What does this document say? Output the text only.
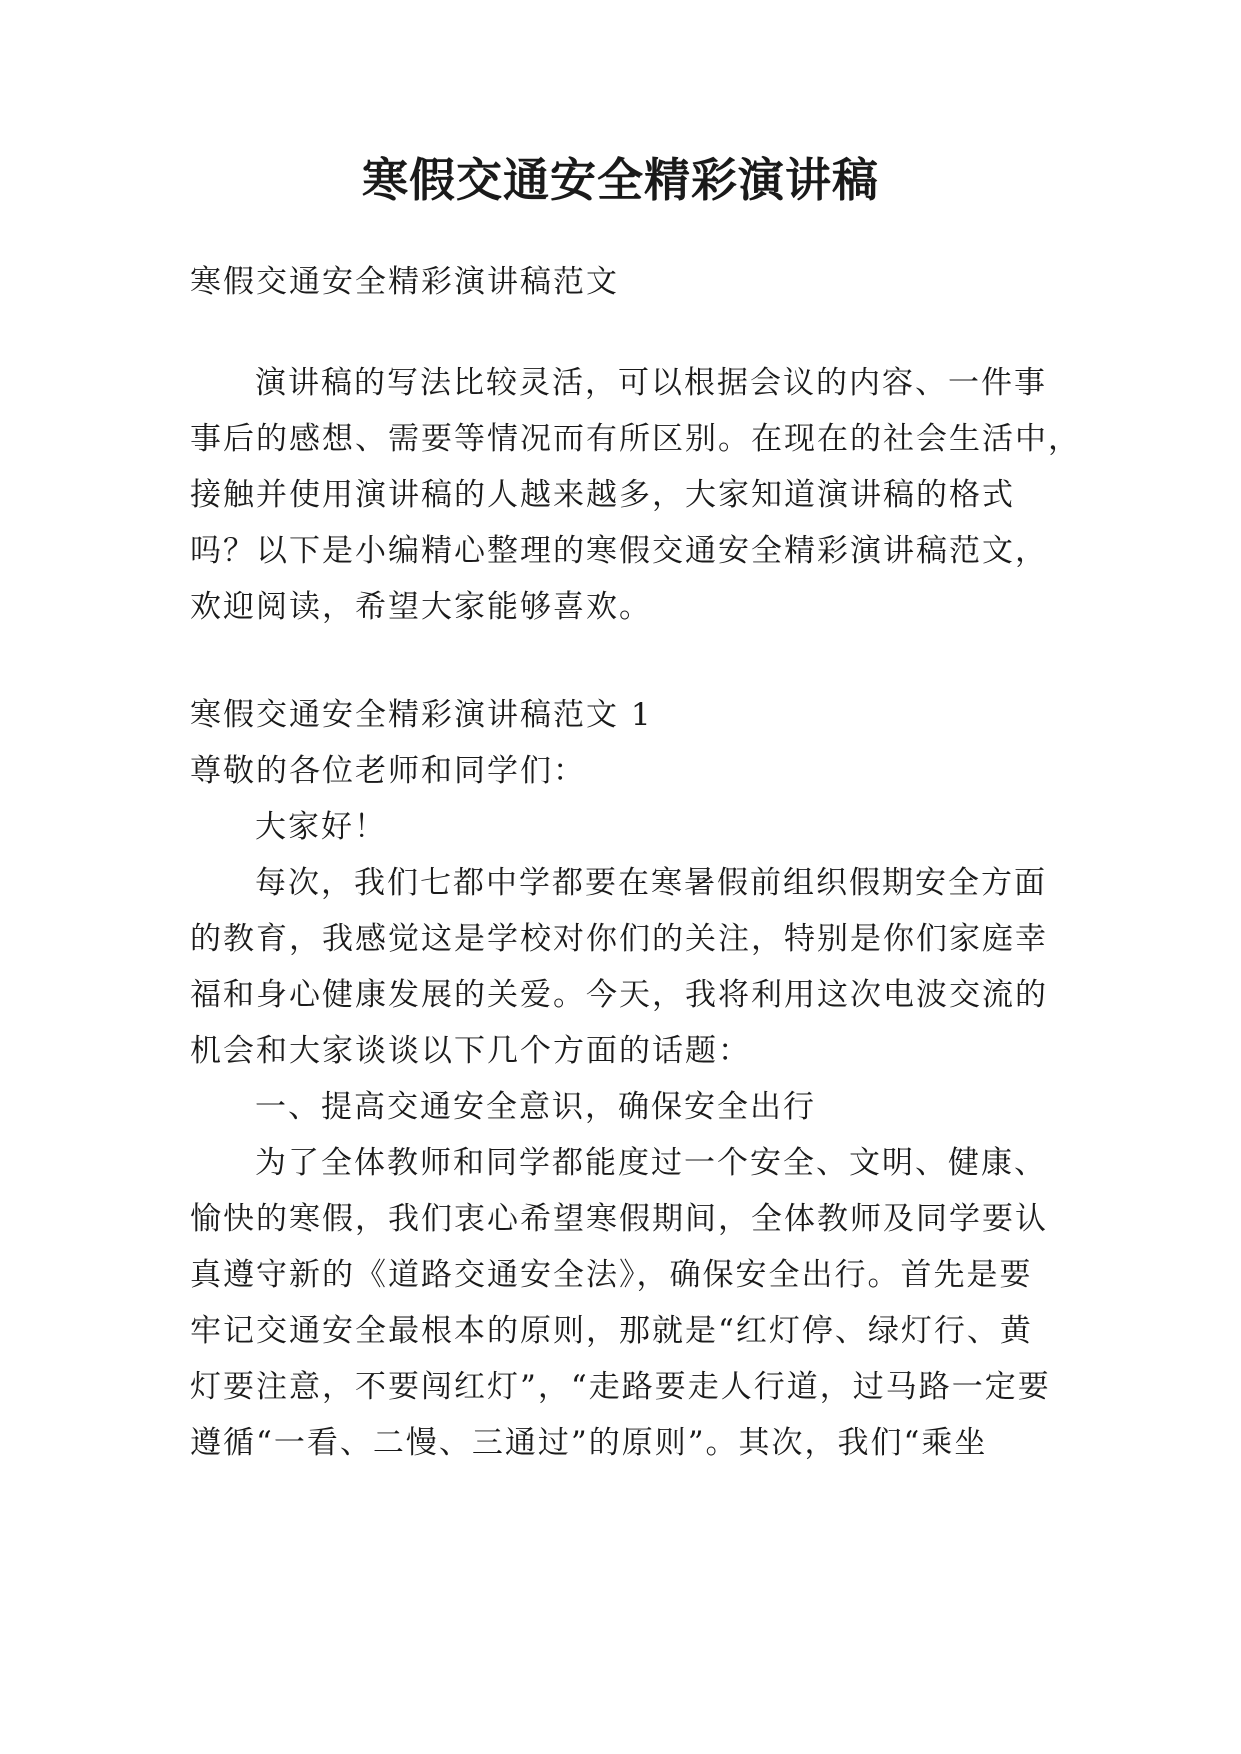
寒假交通安全精彩演讲稿
寒假交通安全精彩演讲稿范文
演讲稿的写法比较灵活，可以根据会议的内容、一件事
事后的感想、需要等情况而有所区别。在现在的社会生活中，
接触并使用演讲稿的人越来越多，大家知道演讲稿的格式
吗？以下是小编精心整理的寒假交通安全精彩演讲稿范文，
欢迎阅读，希望大家能够喜欢。
寒假交通安全精彩演讲稿范文 1
尊敬的各位老师和同学们：
大家好！
每次，我们七都中学都要在寒暑假前组织假期安全方面
的教育，我感觉这是学校对你们的关注，特别是你们家庭幸
福和身心健康发展的关爱。今天，我将利用这次电波交流的
机会和大家谈谈以下几个方面的话题：
一、提高交通安全意识，确保安全出行
为了全体教师和同学都能度过一个安全、文明、健康、
愉快的寒假，我们衷心希望寒假期间，全体教师及同学要认
真遵守新的《道路交通安全法》，确保安全出行。首先是要
牢记交通安全最根本的原则，那就是“红灯停、绿灯行、黄
灯要注意，不要闯红灯”，“走路要走人行道，过马路一定要
遵循“一看、二慢、三通过”的原则”。其次，我们“乘坐
